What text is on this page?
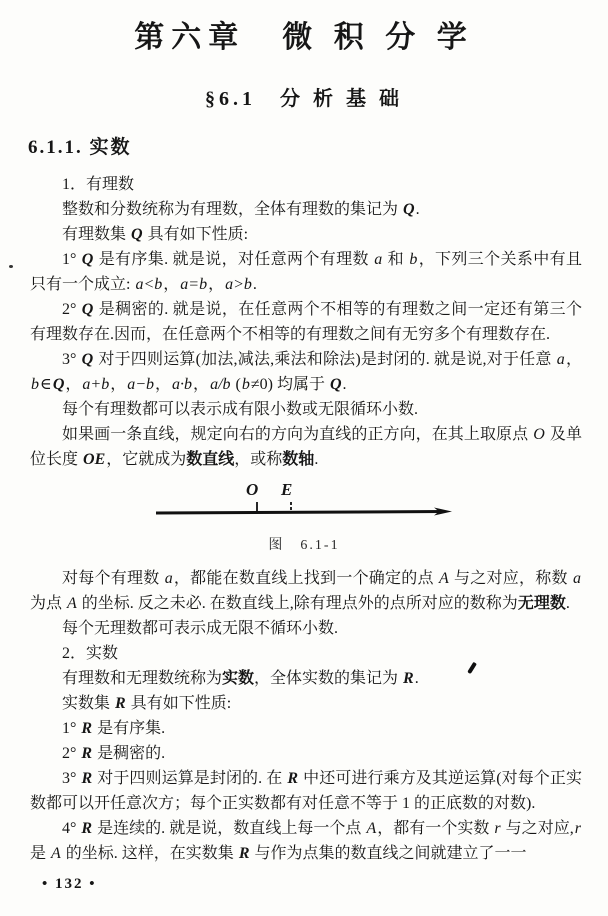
第六章　微 积 分 学
§6.1　分 析 基 础
6.1.1. 实数

1．有理数

整数和分数统称为有理数，全体有理数的集记为 Q.

有理数集 Q 具有如下性质:

1° Q 是有序集. 就是说，对任意两个有理数 a 和 b，下列三个关系中有且只有一个成立: a<b，a=b，a>b.

2° Q 是稠密的. 就是说，在任意两个不相等的有理数之间一定还有第三个有理数存在.因而，在任意两个不相等的有理数之间有无穷多个有理数存在.

3° Q 对于四则运算(加法,减法,乘法和除法)是封闭的. 就是说,对于任意 a，b∈Q，a+b，a−b，a·b，a/b (b≠0) 均属于 Q.

每个有理数都可以表示成有限小数或无限循环小数.

如果画一条直线，规定向右的方向为直线的正方向，在其上取原点 O 及单位长度 OE，它就成为数直线，或称数轴.

O E
图　6.1-1

对每个有理数 a，都能在数直线上找到一个确定的点 A 与之对应，称数 a 为点 A 的坐标. 反之未必. 在数直线上,除有理点外的点所对应的数称为无理数.

每个无理数都可表示成无限不循环小数.

2．实数

有理数和无理数统称为实数，全体实数的集记为 R.

实数集 R 具有如下性质:

1° R 是有序集.

2° R 是稠密的.

3° R 对于四则运算是封闭的. 在 R 中还可进行乘方及其逆运算(对每个正实数都可以开任意次方；每个正实数都有对任意不等于 1 的正底数的对数).

4° R 是连续的. 就是说，数直线上每一个点 A，都有一个实数 r 与之对应,r 是 A 的坐标. 这样，在实数集 R 与作为点集的数直线之间就建立了一一

• 132 •
